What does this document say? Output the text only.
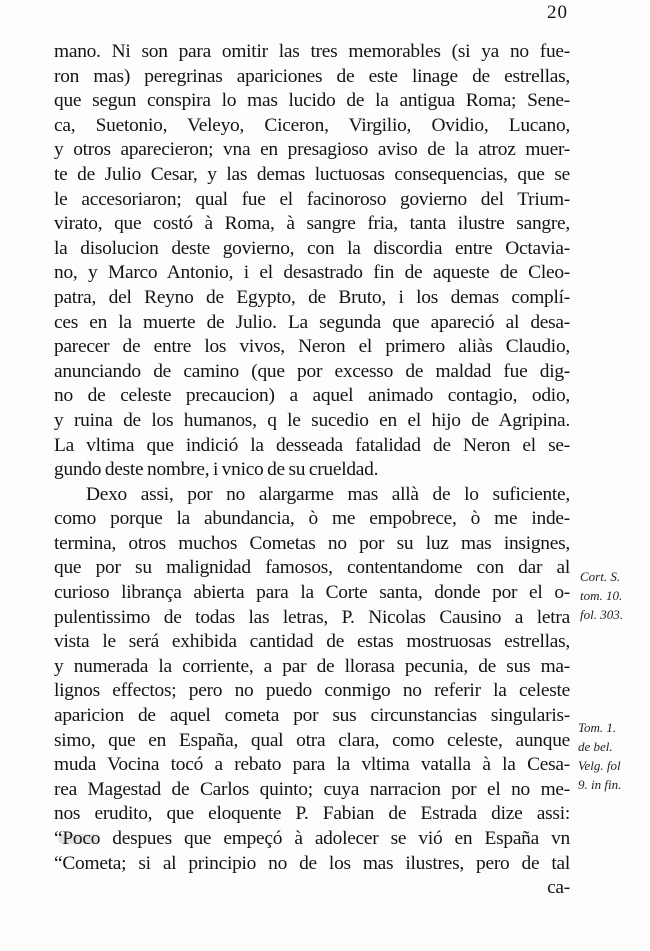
20
mano. Ni son para omitir las tres memorables (si ya no fue-
ron mas) peregrinas apariciones de este linage de estrellas,
que segun conspira lo mas lucido de la antigua Roma; Sene-
ca, Suetonio, Veleyo, Ciceron, Virgilio, Ovidio, Lucano,
y otros aparecieron; vna en presagioso aviso de la atroz muer-
te de Julio Cesar, y las demas luctuosas consequencias, que se
le accesoriaron; qual fue el facinoroso govierno del Trium-
virato, que costó à Roma, à sangre fria, tanta ilustre sangre,
la disolucion deste govierno, con la discordia entre Octavia-
no, y Marco Antonio, i el desastrado fin de aqueste de Cleo-
patra, del Reyno de Egypto, de Bruto, i los demas complí-
ces en la muerte de Julio. La segunda que apareció al desa-
parecer de entre los vivos, Neron el primero aliàs Claudio,
anunciando de camino (que por excesso de maldad fue dig-
no de celeste precaucion) a aquel animado contagio, odio,
y ruina de los humanos, q le sucedio en el hijo de Agripina.
La vltima que indició la desseada fatalidad de Neron el se-
gundo deste nombre, i vnico de su crueldad.
Dexo assi, por no alargarme mas allà de lo suficiente,
como porque la abundancia, ò me empobrece, ò me inde-
termina, otros muchos Cometas no por su luz mas insignes,
que por su malignidad famosos, contentandome con dar al
curioso librança abierta para la Corte santa, donde por el o-
pulentissimo de todas las letras, P. Nicolas Causino a letra
vista le será exhibida cantidad de estas mostruosas estrellas,
y numerada la corriente, a par de llorasa pecunia, de sus ma-
lignos effectos; pero no puedo conmigo no referir la celeste
aparicion de aquel cometa por sus circunstancias singularis-
simo, que en España, qual otra clara, como celeste, aunque
muda Vocina tocó a rebato para la vltima vatalla à la Cesa-
rea Magestad de Carlos quinto; cuya narracion por el no me-
nos erudito, que eloquente P. Fabian de Estrada dize assi:
“Poco despues que empeçó à adolecer se vió en España vn
“Cometa; si al principio no de los mas ilustres, pero de tal
ca-
Cort. S.
tom. 10.
fol. 303.
Tom. 1.
de bel.
Velg. fol
9. in fin.
